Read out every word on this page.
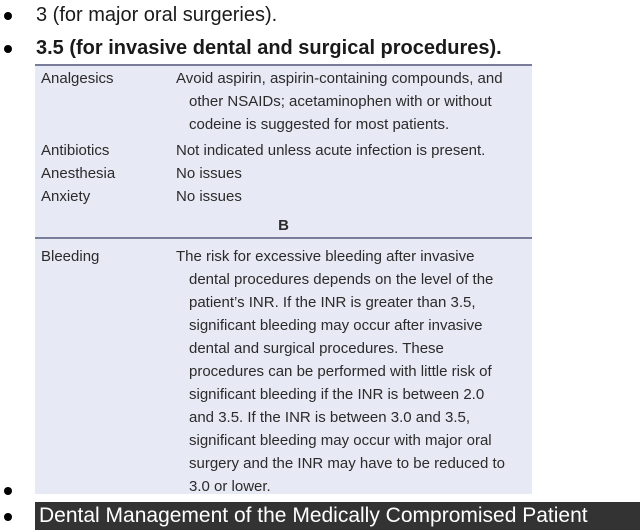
3 (for major oral surgeries).
3.5 (for invasive dental and surgical procedures).
Analgesics	Avoid aspirin, aspirin-containing compounds, and
other NSAIDs; acetaminophen with or without
codeine is suggested for most patients.
Antibiotics	Not indicated unless acute infection is present.
Anesthesia	No issues
Anxiety	No issues
B
Bleeding	The risk for excessive bleeding after invasive
dental procedures depends on the level of the
patient’s INR. If the INR is greater than 3.5,
significant bleeding may occur after invasive
dental and surgical procedures. These
procedures can be performed with little risk of
significant bleeding if the INR is between 2.0
and 3.5. If the INR is between 3.0 and 3.5,
significant bleeding may occur with major oral
surgery and the INR may have to be reduced to
3.0 or lower.
Dental Management of the Medically Compromised Patient
